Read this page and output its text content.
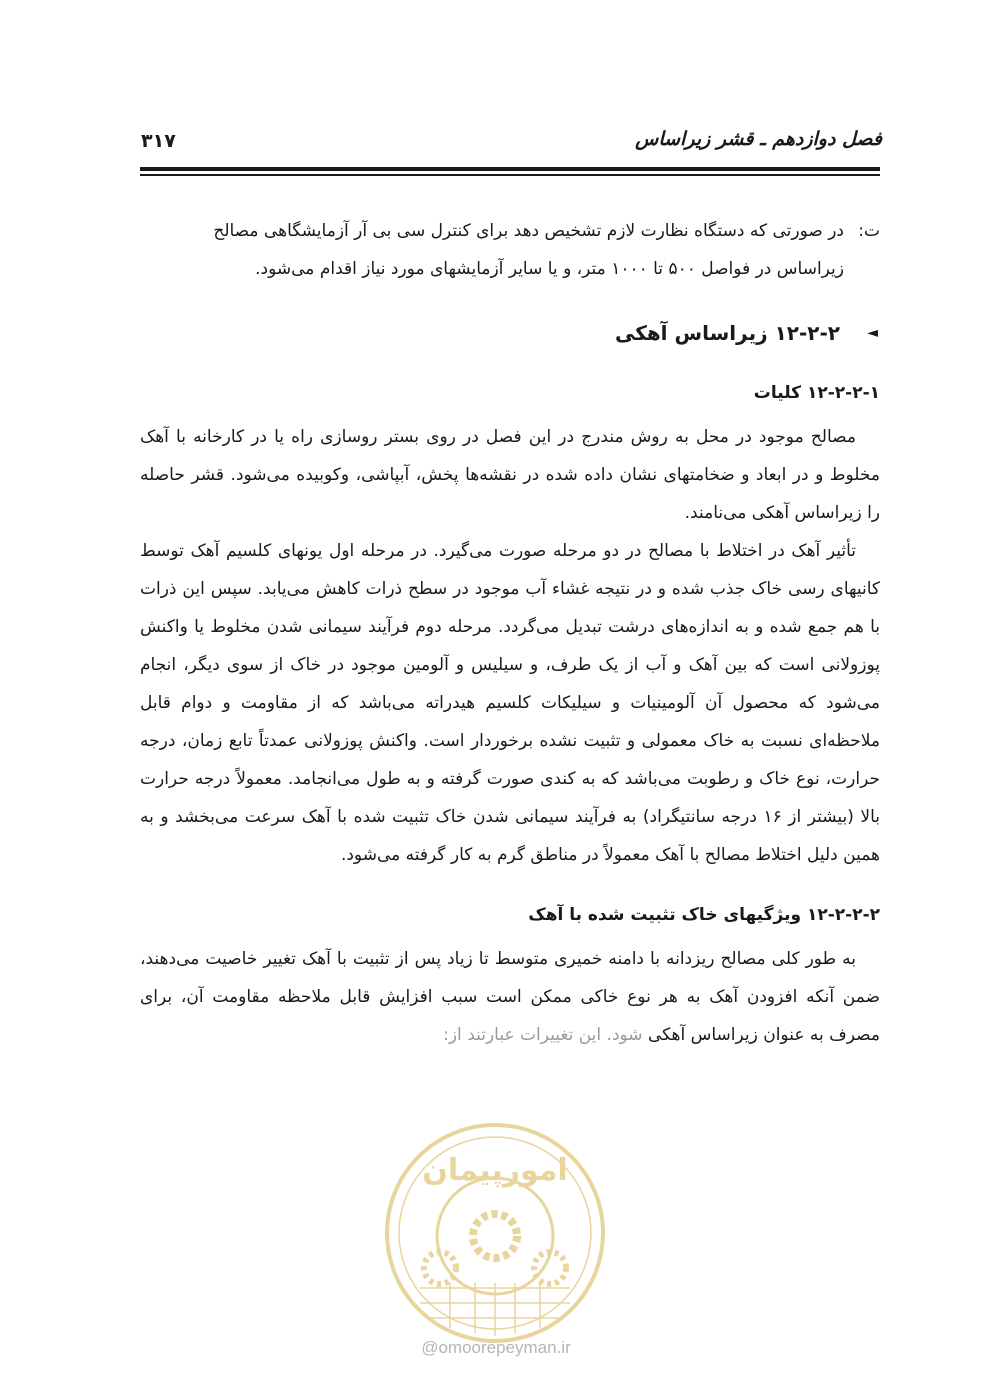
فصل دوازدهم ـ قشر زیراساس
۳۱۷
ت:در صورتی که دستگاه نظارت لازم تشخیص دهد برای کنترل سی بی آر آزمایشگاهی مصالح
زیراساس در فواصل ۵۰۰ تا ۱۰۰۰ متر، و یا سایر آزمایشهای مورد نیاز اقدام می‌شود.
◄
۱۲-۲-۲ زیراساس آهکی
۱۲-۲-۲-۱ کلیات

مصالح موجود در محل به روش مندرج در این فصل در روی بستر روسازی راه یا در کارخانه با آهک مخلوط و در ابعاد و ضخامتهای نشان داده شده در نقشه‌ها پخش، آبپاشی، وکوبیده می‌شود. قشر حاصله را زیراساس آهکی می‌نامند.

تأثیر آهک در اختلاط با مصالح در دو مرحله صورت می‌گیرد. در مرحله اول یونهای کلسیم آهک توسط کانیهای رسی خاک جذب شده و در نتیجه غشاء آب موجود در سطح ذرات کاهش می‌یابد. سپس این ذرات با هم جمع شده و به اندازه‌های درشت تبدیل می‌گردد. مرحله دوم فرآیند سیمانی شدن مخلوط یا واکنش پوزولانی است که بین آهک و آب از یک طرف، و سیلیس و آلومین موجود در خاک از سوی دیگر، انجام می‌شود که محصول آن آلومینیات و سیلیکات کلسیم هیدراته می‌باشد که از مقاومت و دوام قابل ملاحظه‌ای نسبت به خاک معمولی و تثبیت نشده برخوردار است. واکنش پوزولانی عمدتاً تابع زمان، درجه حرارت، نوع خاک و رطوبت می‌باشد که به کندی صورت گرفته و به طول می‌انجامد. معمولاً درجه حرارت بالا (بیشتر از ۱۶ درجه سانتیگراد) به فرآیند سیمانی شدن خاک تثبیت شده با آهک سرعت می‌بخشد و به همین دلیل اختلاط مصالح با آهک معمولاً در مناطق گرم به کار گرفته می‌شود.

۱۲-۲-۲-۲ ویژگیهای خاک تثبیت شده با آهک

به طور کلی مصالح ریزدانه با دامنه خمیری متوسط تا زیاد پس از تثبیت با آهک تغییر خاصیت می‌دهند، ضمن آنکه افزودن آهک به هر نوع خاکی ممکن است سبب افزایش قابل ملاحظه مقاومت آن، برای مصرف به عنوان زیراساس آهکی شود. این تغییرات عبارتند از:

امورپیمان
@omoorepeyman.ir
